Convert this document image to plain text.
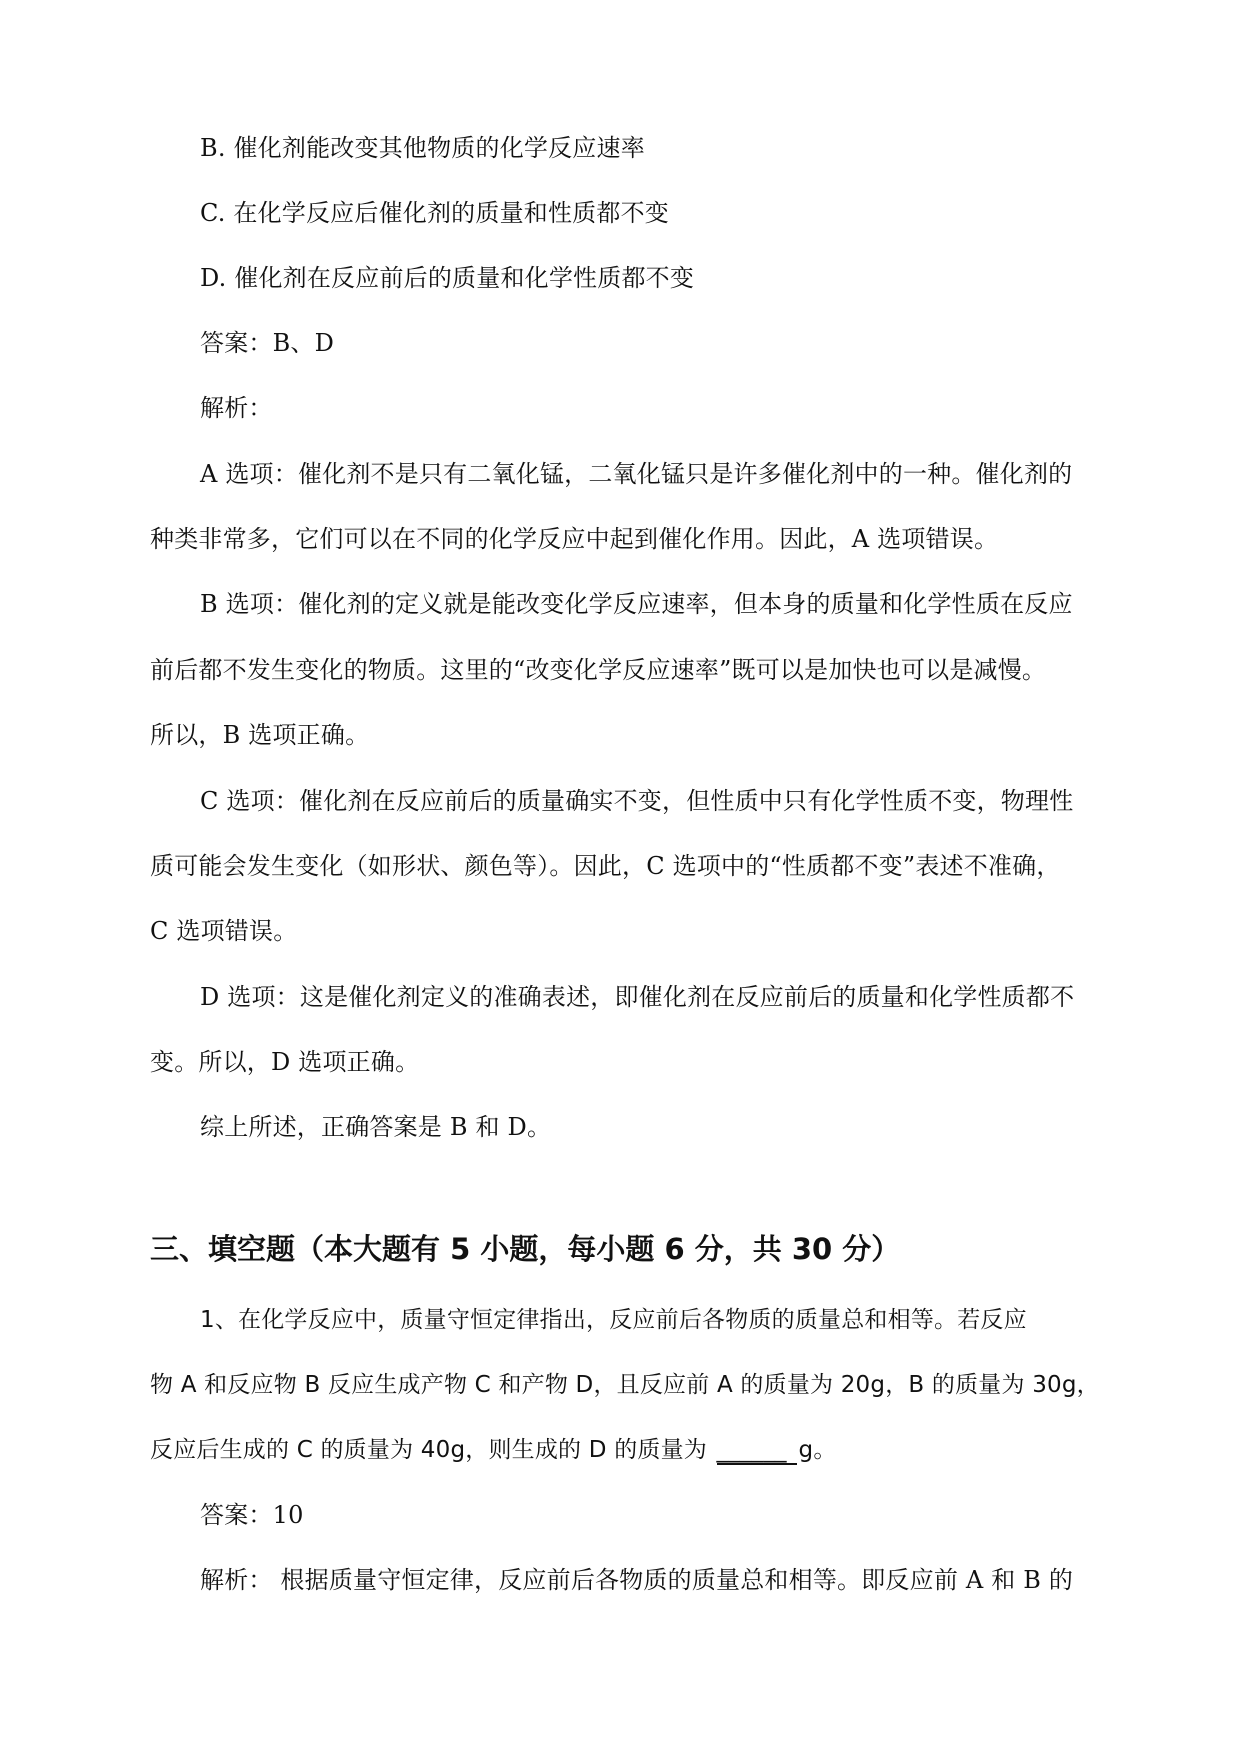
B. 催化剂能改变其他物质的化学反应速率
C. 在化学反应后催化剂的质量和性质都不变
D. 催化剂在反应前后的质量和化学性质都不变
答案：B、D
解析：
A 选项：催化剂不是只有二氧化锰，二氧化锰只是许多催化剂中的一种。催化剂的
种类非常多，它们可以在不同的化学反应中起到催化作用。因此，A 选项错误。
B 选项：催化剂的定义就是能改变化学反应速率，但本身的质量和化学性质在反应
前后都不发生变化的物质。这里的“改变化学反应速率”既可以是加快也可以是减慢。
所以，B 选项正确。
C 选项：催化剂在反应前后的质量确实不变，但性质中只有化学性质不变，物理性
质可能会发生变化（如形状、颜色等）。因此，C 选项中的“性质都不变”表述不准确，
C 选项错误。
D 选项：这是催化剂定义的准确表述，即催化剂在反应前后的质量和化学性质都不
变。所以，D 选项正确。
综上所述，正确答案是 B 和 D。
三、填空题（本大题有 5 小题，每小题 6 分，共 30 分）
1、在化学反应中，质量守恒定律指出，反应前后各物质的质量总和相等。若反应
物 A 和反应物 B 反应生成产物 C 和产物 D，且反应前 A 的质量为 20g，B 的质量为 30g，
反应后生成的 C 的质量为 40g，则生成的 D 的质量为 ______ g。
答案：10
解析： 根据质量守恒定律，反应前后各物质的质量总和相等。即反应前 A 和 B 的
